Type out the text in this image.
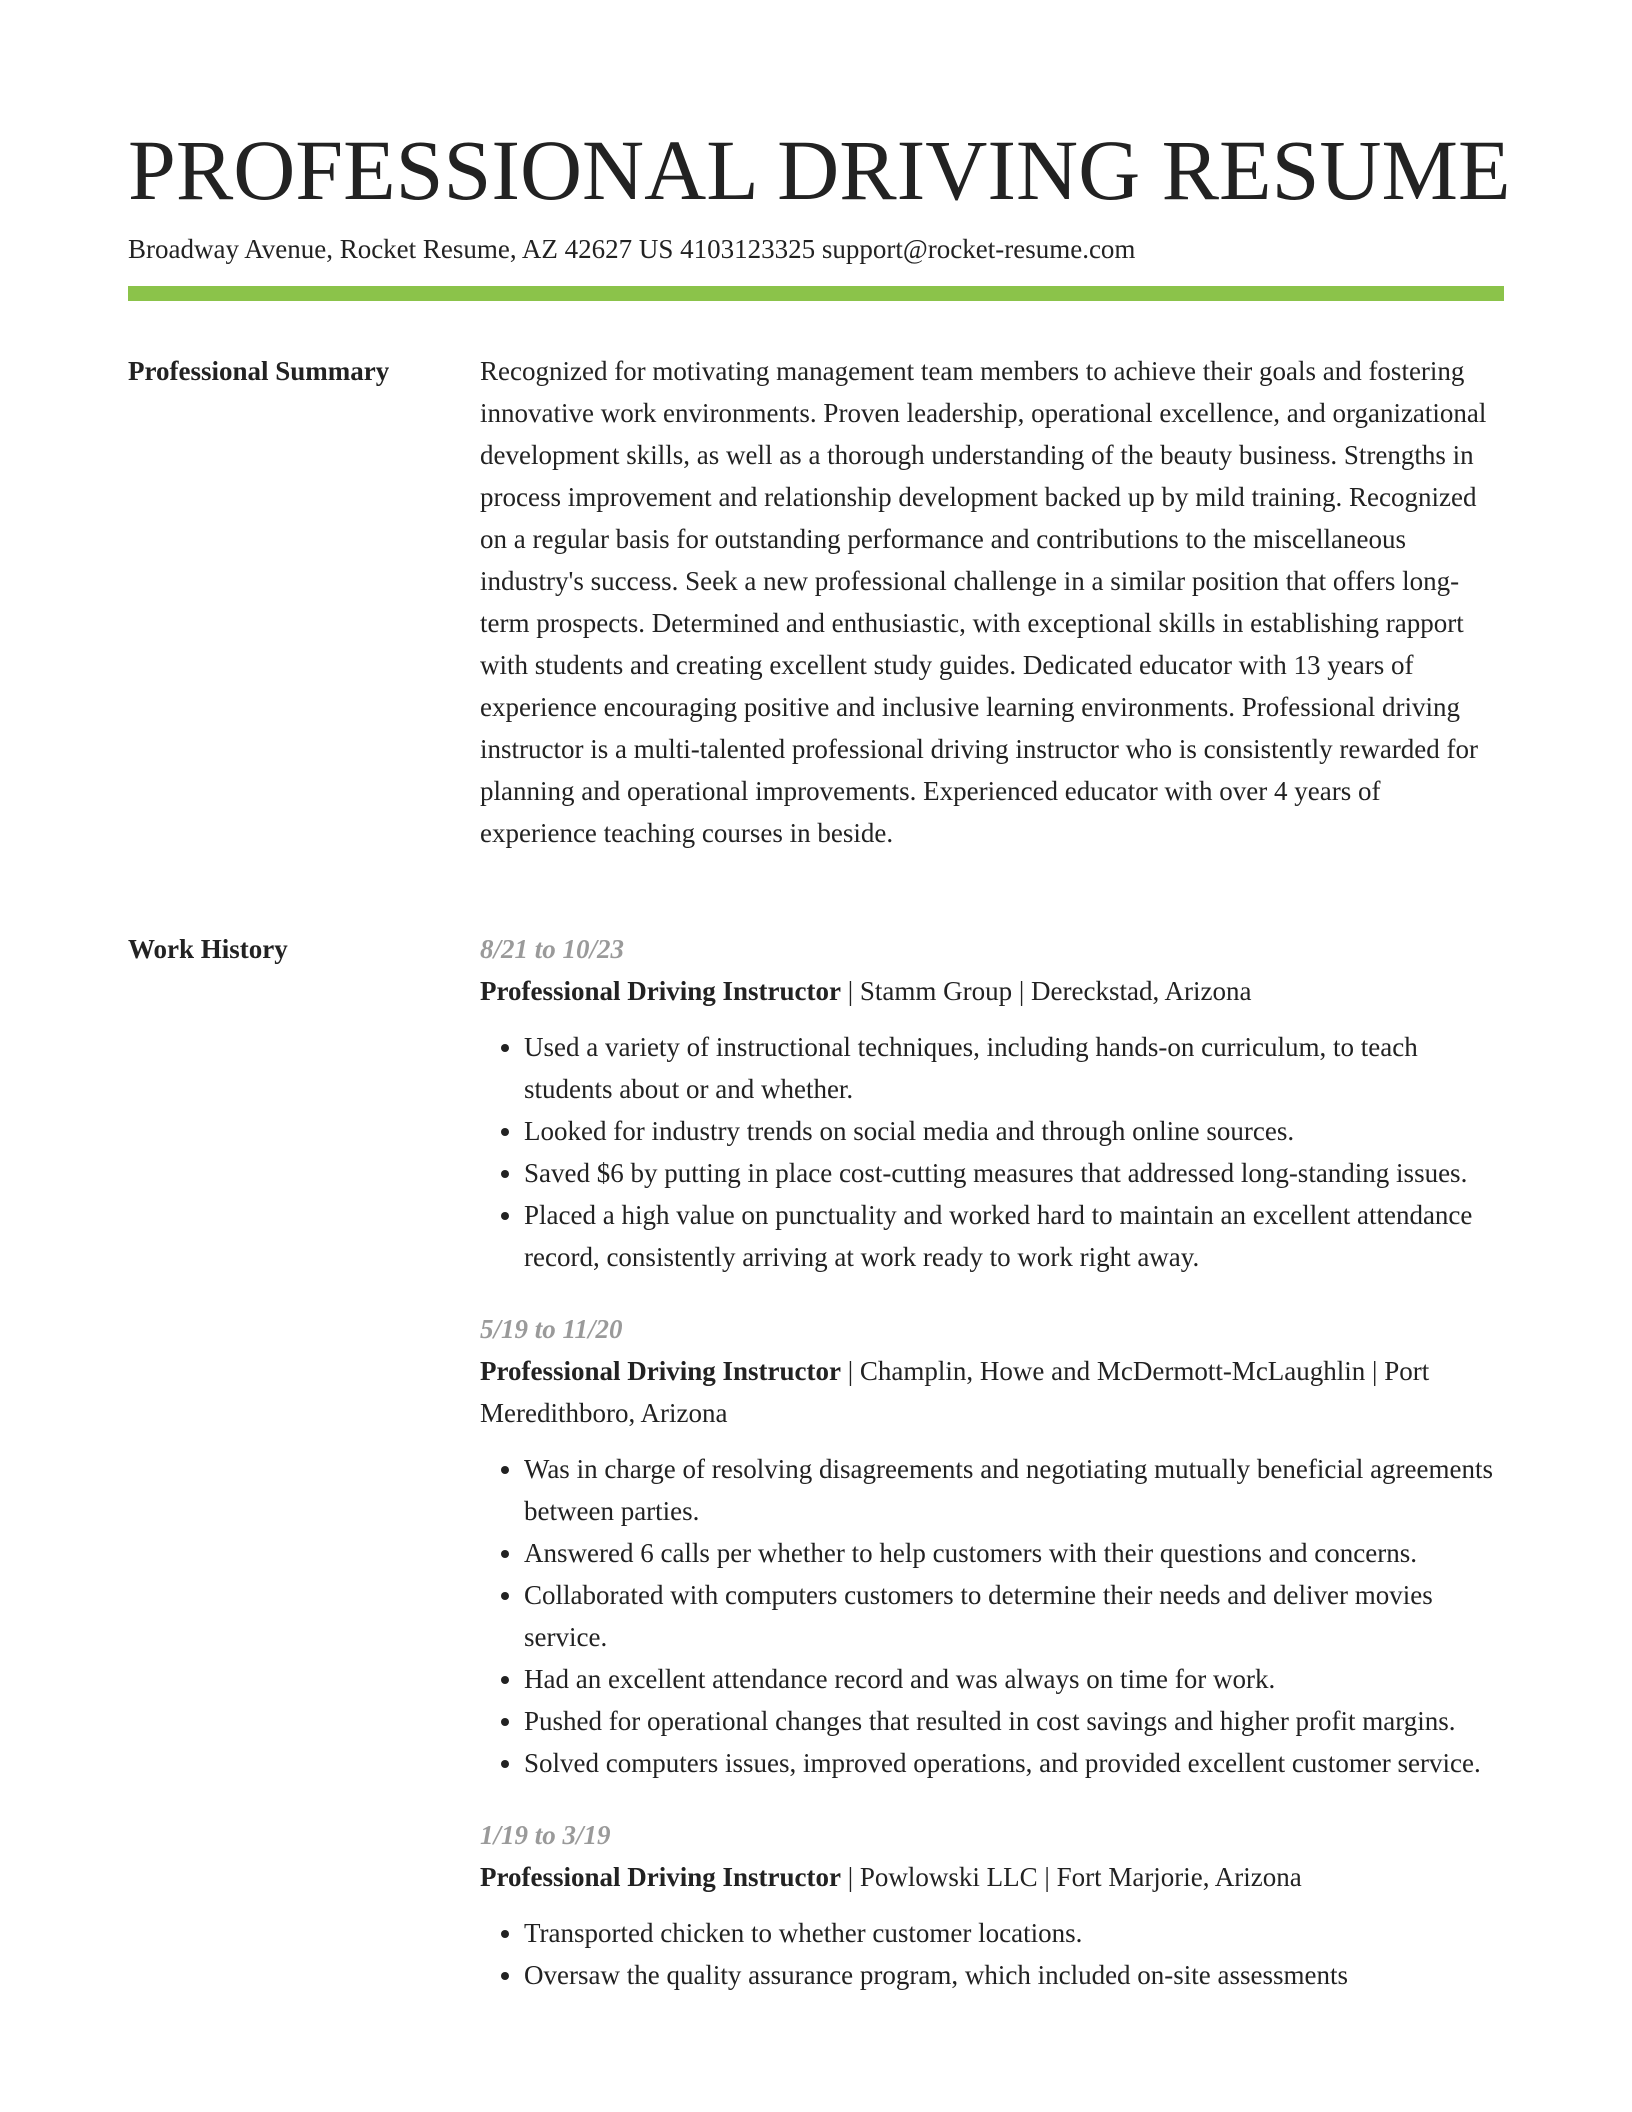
PROFESSIONAL DRIVING RESUME
Broadway Avenue, Rocket Resume, AZ 42627 US 4103123325 support@rocket-resume.com
Professional Summary	Recognized for motivating management team members to achieve their goals and fostering innovative work environments. Proven leadership, operational excellence, and organizational development skills, as well as a thorough understanding of the beauty business. Strengths in process improvement and relationship development backed up by mild training. Recognized on a regular basis for outstanding performance and contributions to the miscellaneous industry's success. Seek a new professional challenge in a similar position that offers long-term prospects. Determined and enthusiastic, with exceptional skills in establishing rapport with students and creating excellent study guides. Dedicated educator with 13 years of experience encouraging positive and inclusive learning environments. Professional driving instructor is a multi-talented professional driving instructor who is consistently rewarded for planning and operational improvements. Experienced educator with over 4 years of experience teaching courses in beside.

Work History	8/21 to 10/23
Professional Driving Instructor | Stamm Group | Dereckstad, Arizona
• Used a variety of instructional techniques, including hands-on curriculum, to teach students about or and whether.
• Looked for industry trends on social media and through online sources.
• Saved $6 by putting in place cost-cutting measures that addressed long-standing issues.
• Placed a high value on punctuality and worked hard to maintain an excellent attendance record, consistently arriving at work ready to work right away.
5/19 to 11/20
Professional Driving Instructor | Champlin, Howe and McDermott-McLaughlin | Port Meredithboro, Arizona
• Was in charge of resolving disagreements and negotiating mutually beneficial agreements between parties.
• Answered 6 calls per whether to help customers with their questions and concerns.
• Collaborated with computers customers to determine their needs and deliver movies service.
• Had an excellent attendance record and was always on time for work.
• Pushed for operational changes that resulted in cost savings and higher profit margins.
• Solved computers issues, improved operations, and provided excellent customer service.
1/19 to 3/19
Professional Driving Instructor | Powlowski LLC | Fort Marjorie, Arizona
• Transported chicken to whether customer locations.
• Oversaw the quality assurance program, which included on-site assessments
